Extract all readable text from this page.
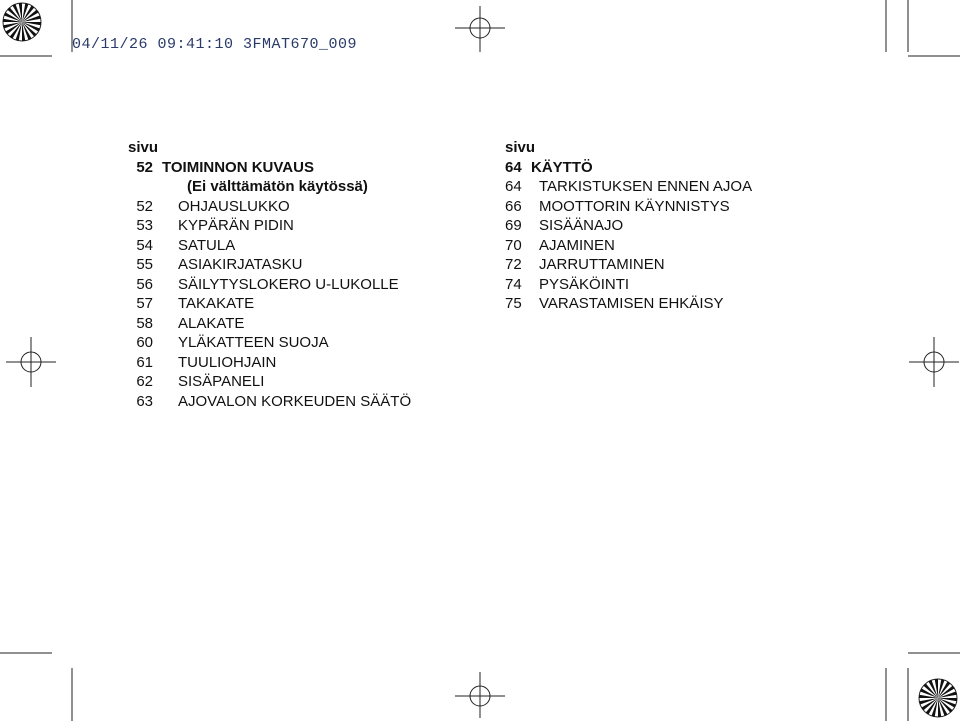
04/11/26 09:41:10 3FMAT670_009
sivu
52 TOIMINNON KUVAUS
(Ei välttämätön käytössä)
52 OHJAUSLUKKO
53 KYPÄRÄN PIDIN
54 SATULA
55 ASIAKIRJATASKU
56 SÄILYTYSLOKERO U-LUKOLLE
57 TAKAKATE
58 ALAKATE
60 YLÄKATTEEN SUOJA
61 TUULIOHJAIN
62 SISÄPANELI
63 AJOVALON KORKEUDEN SÄÄTÖ
sivu
64 KÄYTTÖ
64 TARKISTUKSEN ENNEN AJOA
66 MOOTTORIN KÄYNNISTYS
69 SISÄÄNAJO
70 AJAMINEN
72 JARRUTTAMINEN
74 PYSÄKÖINTI
75 VARASTAMISEN EHKÄISY
